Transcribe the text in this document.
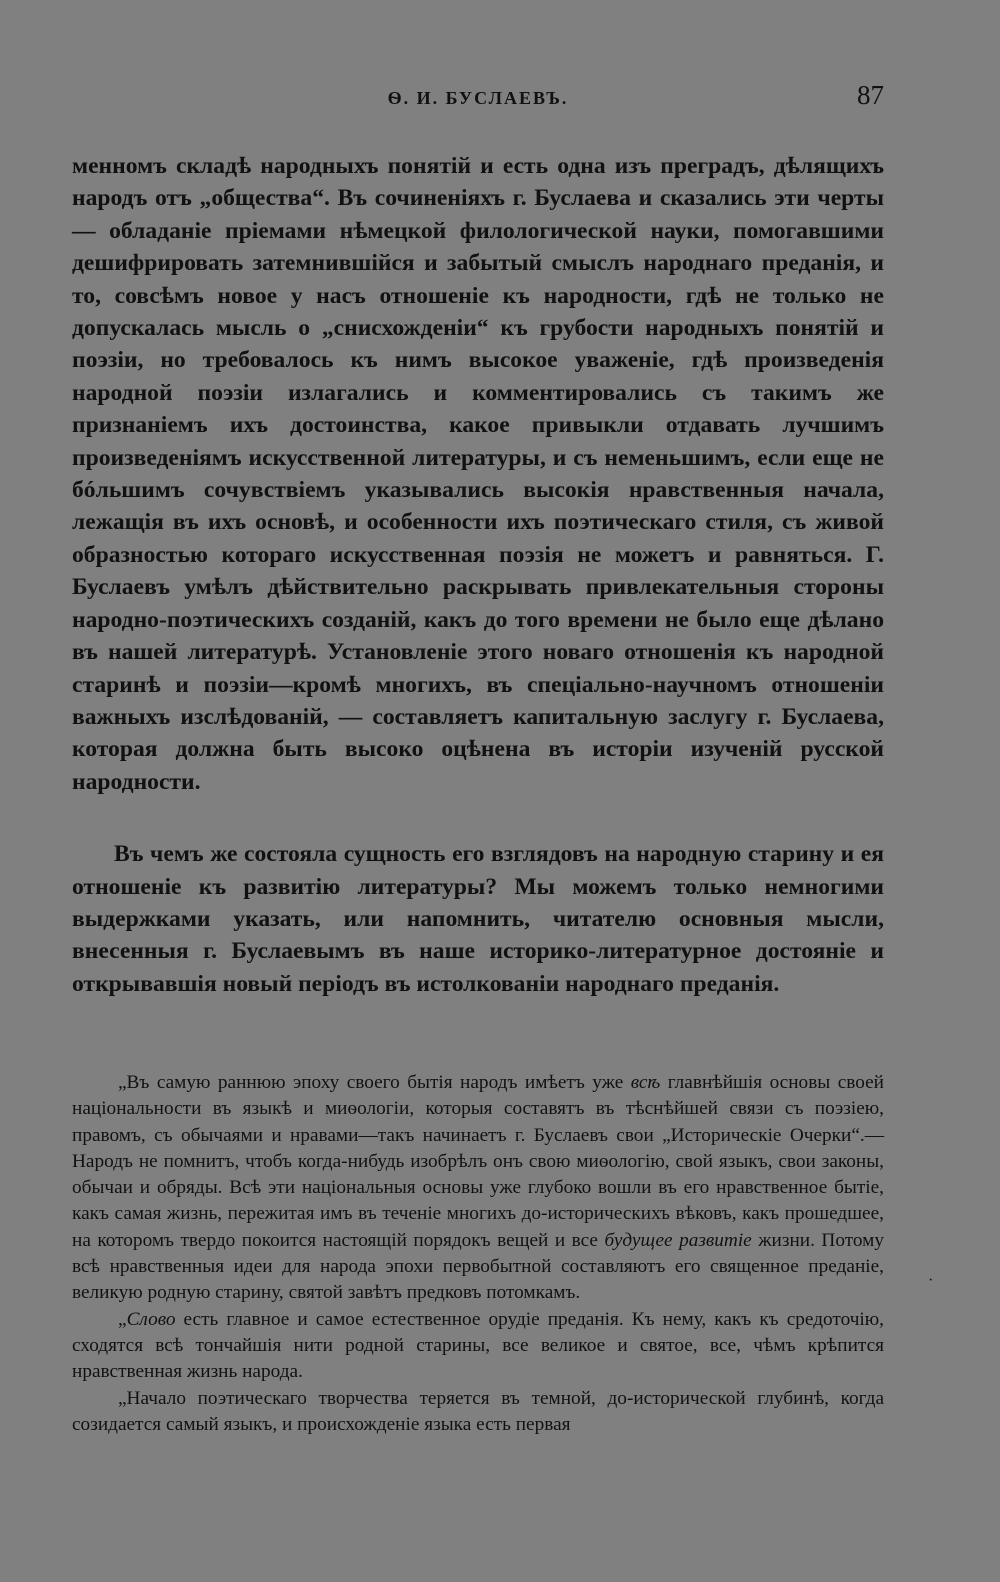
Ѳ. И. БУСЛАЕВЪ.	87

менномъ складѣ народныхъ понятій и есть одна изъ преградъ, дѣлящихъ народъ отъ „общества“. Въ сочиненіяхъ г. Буслаева и сказались эти черты — обладаніе пріемами нѣмецкой филологической науки, помогавшими дешифрировать затемнившійся и забытый смыслъ народнаго преданія, и то, совсѣмъ новое у насъ отношеніе къ народности, гдѣ не только не допускалась мысль о „снисхожденіи“ къ грубости народныхъ понятій и поэзіи, но требовалось къ нимъ высокое уваженіе, гдѣ произведенія народной поэзіи излагались и комментировались съ такимъ же признаніемъ ихъ достоинства, какое привыкли отдавать лучшимъ произведеніямъ искусственной литературы, и съ неменьшимъ, если еще не бóльшимъ сочувствіемъ указывались высокія нравственныя начала, лежащія въ ихъ основѣ, и особенности ихъ поэтическаго стиля, съ живой образностью котораго искусственная поэзія не можетъ и равняться. Г. Буслаевъ умѣлъ дѣйствительно раскрывать привлекательныя стороны народно-поэтическихъ созданій, какъ до того времени не было еще дѣлано въ нашей литературѣ. Установленіе этого новаго отношенія къ народной старинѣ и поэзіи—кромѣ многихъ, въ спеціально-научномъ отношеніи важныхъ изслѣдованій, — составляетъ капитальную заслугу г. Буслаева, которая должна быть высоко оцѣнена въ исторіи изученій русской народности.

Въ чемъ же состояла сущность его взглядовъ на народную старину и ея отношеніе къ развитію литературы? Мы можемъ только немногими выдержками указать, или напомнить, читателю основныя мысли, внесенныя г. Буслаевымъ въ наше историко-литературное достояніе и открывавшія новый періодъ въ истолкованіи народнаго преданія.

„Въ самую раннюю эпоху своего бытія народъ имѣетъ уже всѣ главнѣйшія основы своей національности въ языкѣ и миѳологіи, которыя составятъ въ тѣснѣйшей связи съ поэзіею, правомъ, съ обычаями и нравами—такъ начинаетъ г. Буслаевъ свои „Историческіе Очерки“.—Народъ не помнитъ, чтобъ когда-нибудь изобрѣлъ онъ свою миѳологію, свой языкъ, свои законы, обычаи и обряды. Всѣ эти національныя основы уже глубоко вошли въ его нравственное бытіе, какъ самая жизнь, пережитая имъ въ теченіе многихъ до-историческихъ вѣковъ, какъ прошедшее, на которомъ твердо покоится настоящій порядокъ вещей и все будущее развитіе жизни. Потому всѣ нравственныя идеи для народа эпохи первобытной составляютъ его священное преданіе, великую родную старину, святой завѣтъ предковъ потомкамъ.

„Слово есть главное и самое естественное орудіе преданія. Къ нему, какъ къ средоточію, сходятся всѣ тончайшія нити родной старины, все великое и святое, все, чѣмъ крѣпится нравственная жизнь народа.

„Начало поэтическаго творчества теряется въ темной, до-исторической глубинѣ, когда созидается самый языкъ, и происхожденіе языка есть первая

·
